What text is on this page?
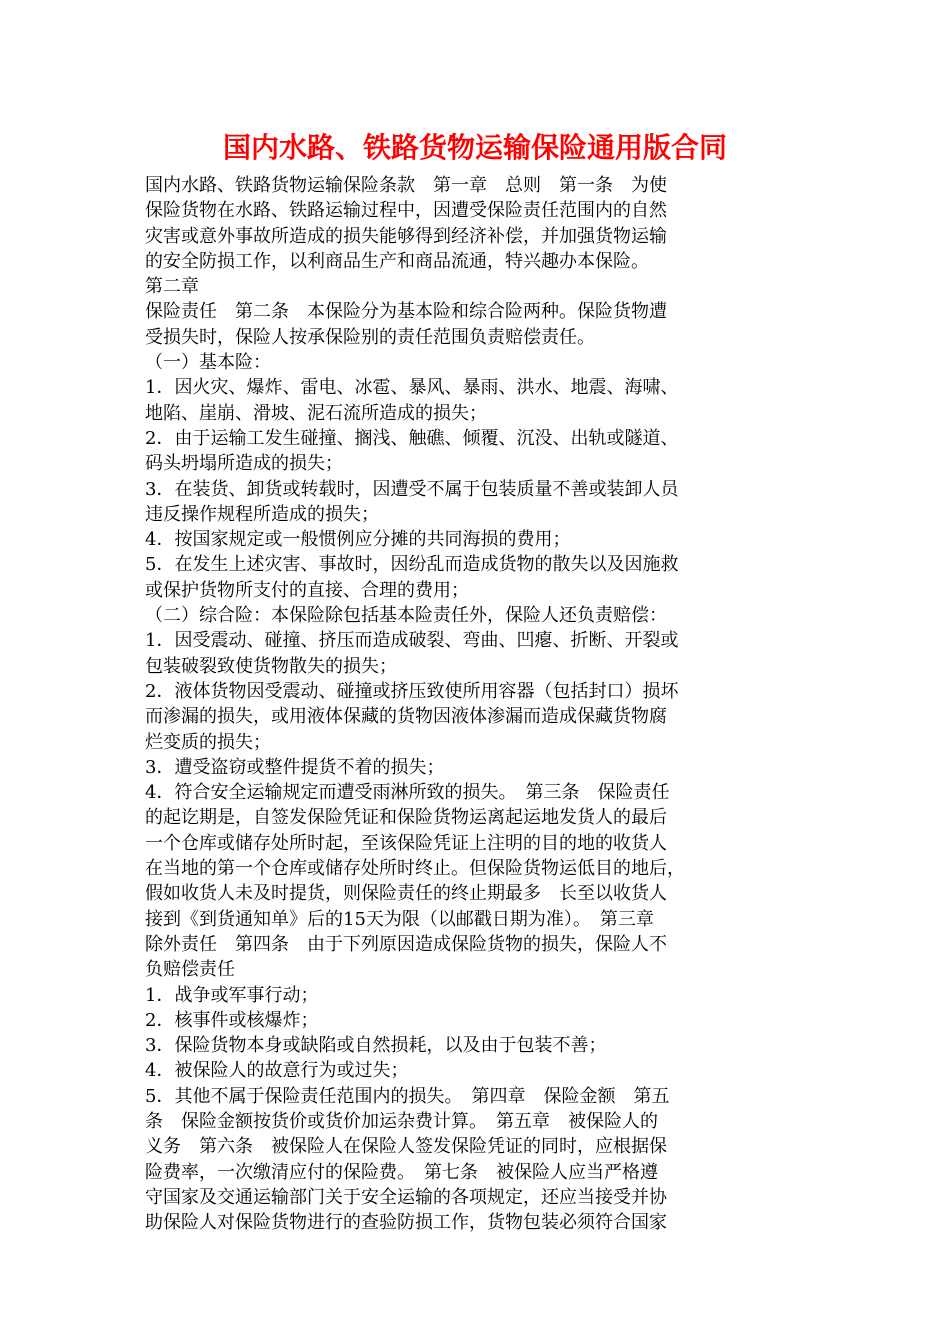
国内水路、铁路货物运输保险通用版合同
国内水路、铁路货物运输保险条款　第一章　总则　第一条　为使
保险货物在水路、铁路运输过程中，因遭受保险责任范围内的自然
灾害或意外事故所造成的损失能够得到经济补偿，并加强货物运输
的安全防损工作，以利商品生产和商品流通，特兴趣办本保险。
第二章
保险责任　第二条　本保险分为基本险和综合险两种。保险货物遭
受损失时，保险人按承保险别的责任范围负责赔偿责任。
（一）基本险：
1．因火灾、爆炸、雷电、冰雹、暴风、暴雨、洪水、地震、海啸、
地陷、崖崩、滑坡、泥石流所造成的损失；
2．由于运输工发生碰撞、搁浅、触礁、倾覆、沉没、出轨或隧道、
码头坍塌所造成的损失；
3．在装货、卸货或转载时，因遭受不属于包装质量不善或装卸人员
违反操作规程所造成的损失；
4．按国家规定或一般惯例应分摊的共同海损的费用；
5．在发生上述灾害、事故时，因纷乱而造成货物的散失以及因施救
或保护货物所支付的直接、合理的费用；
（二）综合险：本保险除包括基本险责任外，保险人还负责赔偿：
1．因受震动、碰撞、挤压而造成破裂、弯曲、凹瘪、折断、开裂或
包装破裂致使货物散失的损失；
2．液体货物因受震动、碰撞或挤压致使所用容器（包括封口）损坏
而渗漏的损失，或用液体保藏的货物因液体渗漏而造成保藏货物腐
烂变质的损失；
3．遭受盗窃或整件提货不着的损失；
4．符合安全运输规定而遭受雨淋所致的损失。　第三条　保险责任
的起讫期是，自签发保险凭证和保险货物运离起运地发货人的最后
一个仓库或储存处所时起，至该保险凭证上注明的目的地的收货人
在当地的第一个仓库或储存处所时终止。但保险货物运低目的地后，
假如收货人未及时提货，则保险责任的终止期最多　长至以收货人
接到《到货通知单》后的15天为限（以邮戳日期为准）。　第三章
除外责任　第四条　由于下列原因造成保险货物的损失，保险人不
负赔偿责任
1．战争或军事行动；
2．核事件或核爆炸；
3．保险货物本身或缺陷或自然损耗，以及由于包装不善；
4．被保险人的故意行为或过失；
5．其他不属于保险责任范围内的损失。　第四章　保险金额　第五
条　保险金额按货价或货价加运杂费计算。　第五章　被保险人的
义务　第六条　被保险人在保险人签发保险凭证的同时，应根据保
险费率，一次缴清应付的保险费。　第七条　被保险人应当严格遵
守国家及交通运输部门关于安全运输的各项规定，还应当接受并协
助保险人对保险货物进行的查验防损工作，货物包装必须符合国家
